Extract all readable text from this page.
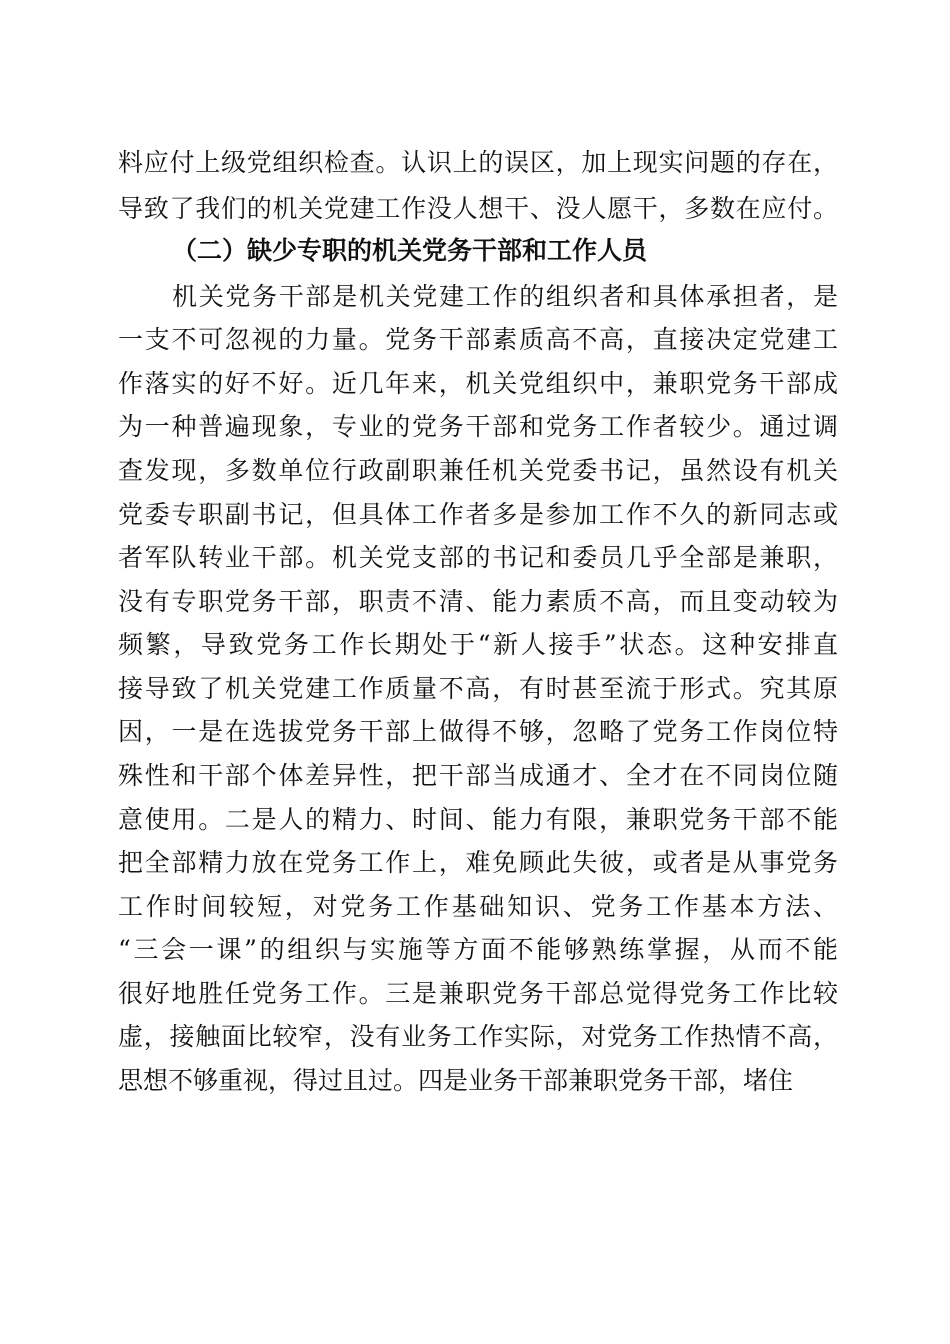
料应付上级党组织检查。认识上的误区，加上现实问题的存在，
导致了我们的机关党建工作没人想干、没人愿干，多数在应付。
（二）缺少专职的机关党务干部和工作人员
机关党务干部是机关党建工作的组织者和具体承担者，是
一支不可忽视的力量。党务干部素质高不高，直接决定党建工
作落实的好不好。近几年来，机关党组织中，兼职党务干部成
为一种普遍现象，专业的党务干部和党务工作者较少。通过调
查发现，多数单位行政副职兼任机关党委书记，虽然设有机关
党委专职副书记，但具体工作者多是参加工作不久的新同志或
者军队转业干部。机关党支部的书记和委员几乎全部是兼职，
没有专职党务干部，职责不清、能力素质不高，而且变动较为
频繁，导致党务工作长期处于“新人接手”状态。这种安排直
接导致了机关党建工作质量不高，有时甚至流于形式。究其原
因，一是在选拔党务干部上做得不够，忽略了党务工作岗位特
殊性和干部个体差异性，把干部当成通才、全才在不同岗位随
意使用。二是人的精力、时间、能力有限，兼职党务干部不能
把全部精力放在党务工作上，难免顾此失彼，或者是从事党务
工作时间较短，对党务工作基础知识、党务工作基本方法、
“三会一课”的组织与实施等方面不能够熟练掌握，从而不能
很好地胜任党务工作。三是兼职党务干部总觉得党务工作比较
虚，接触面比较窄，没有业务工作实际，对党务工作热情不高，
思想不够重视，得过且过。四是业务干部兼职党务干部，堵住
